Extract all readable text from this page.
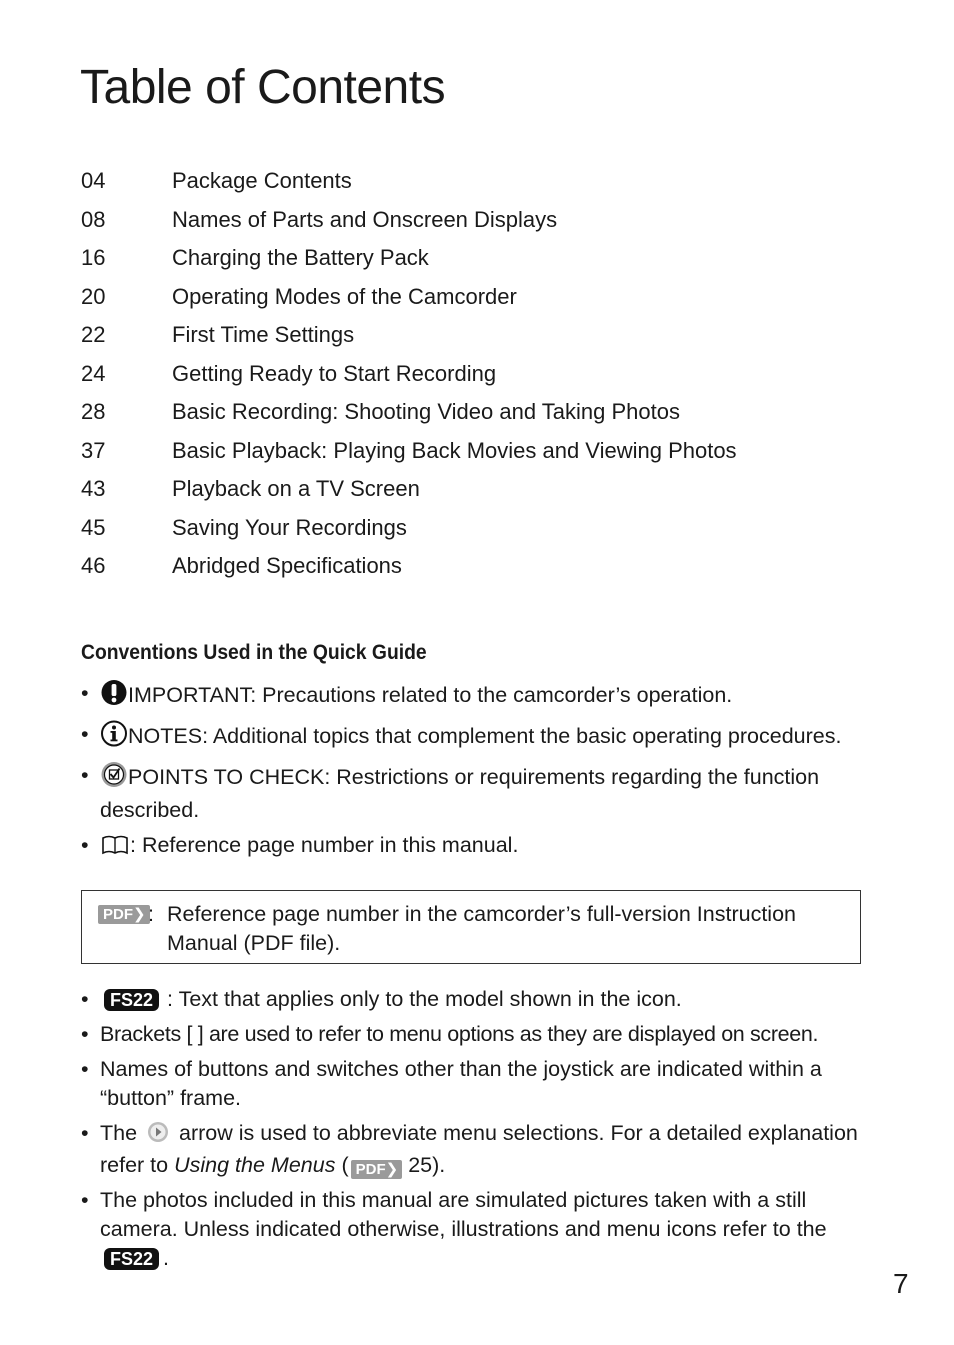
Table of Contents
04	Package Contents
08	Names of Parts and Onscreen Displays
16	Charging the Battery Pack
20	Operating Modes of the Camcorder
22	First Time Settings
24	Getting Ready to Start Recording
28	Basic Recording: Shooting Video and Taking Photos
37	Basic Playback: Playing Back Movies and Viewing Photos
43	Playback on a TV Screen
45	Saving Your Recordings
46	Abridged Specifications
Conventions Used in the Quick Guide
• IMPORTANT: Precautions related to the camcorder’s operation.
• NOTES: Additional topics that complement the basic operating procedures.
• POINTS TO CHECK: Restrictions or requirements regarding the function described.
• : Reference page number in this manual.
PDF❯ : Reference page number in the camcorder’s full-version Instruction Manual (PDF file).
• FS22 : Text that applies only to the model shown in the icon.
• Brackets [ ] are used to refer to menu options as they are displayed on screen.
• Names of buttons and switches other than the joystick are indicated within a “button” frame.
• The arrow is used to abbreviate menu selections. For a detailed explanation refer to Using the Menus ( PDF❯ 25).
• The photos included in this manual are simulated pictures taken with a still camera. Unless indicated otherwise, illustrations and menu icons refer to the FS22 .
7
